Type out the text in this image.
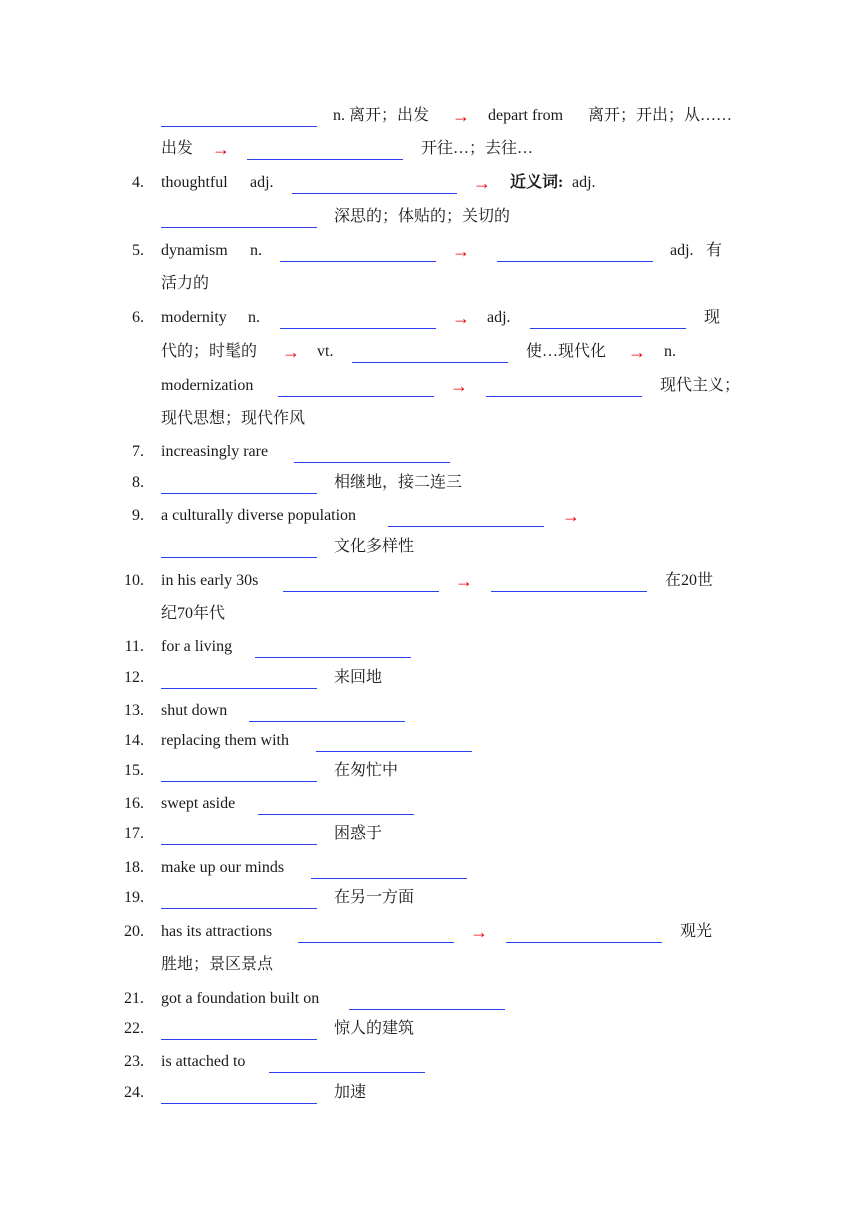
n. 离开；出发 → depart from 离开；开出；从……
出发 →	开往…；去往…
4. thoughtful adj.	→ 近义词: adj.
深思的；体贴的；关切的
5. dynamism n.	→	adj. 有
活力的
6. modernity n.	→ adj.	现
代的；时髦的 → vt.	使…现代化 → n.
modernization	→	现代主义；
现代思想；现代作风
7. increasingly rare
8.	相继地，接二连三
9. a culturally diverse population	→
文化多样性
10. in his early 30s	→	在20世
纪70年代
11. for a living
12.	来回地
13. shut down
14. replacing them with
15.	在匆忙中
16. swept aside
17.	困惑于
18. make up our minds
19.	在另一方面
20. has its attractions	→	观光
胜地；景区景点
21. got a foundation built on
22.	惊人的建筑
23. is attached to
24.	加速
